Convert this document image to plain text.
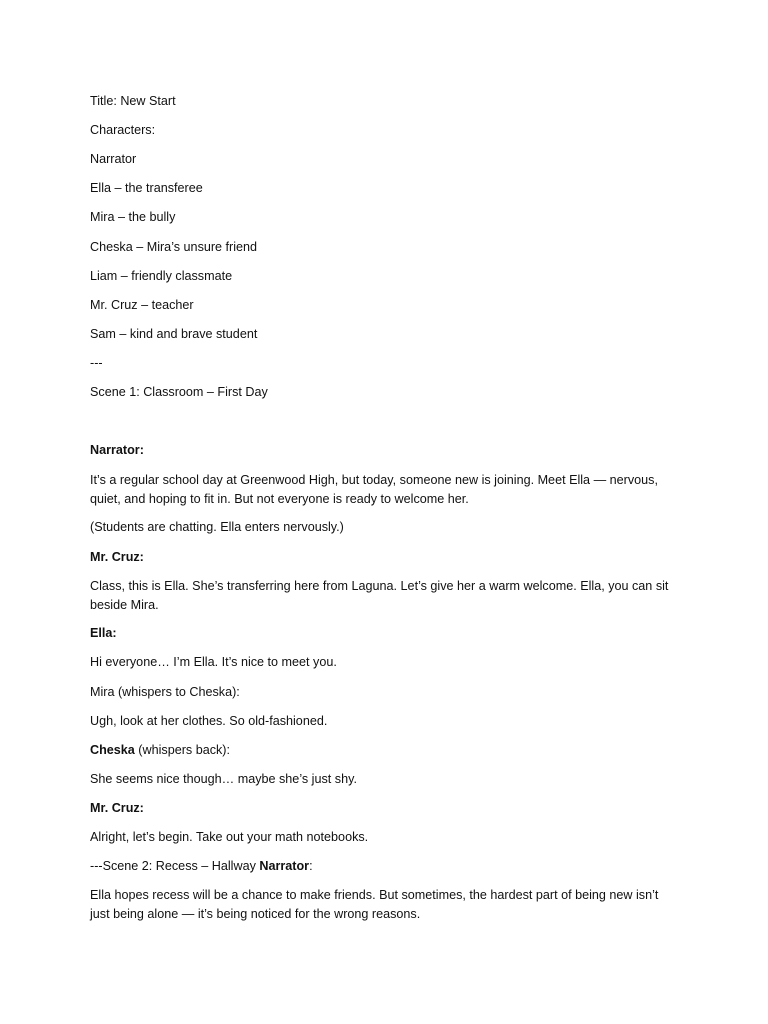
Title: New Start

Characters:

Narrator

Ella – the transferee

Mira – the bully

Cheska – Mira’s unsure friend

Liam – friendly classmate

Mr. Cruz – teacher

Sam – kind and brave student

---

Scene 1: Classroom – First Day

Narrator:

It’s a regular school day at Greenwood High, but today, someone new is joining. Meet Ella — nervous, quiet, and hoping to fit in. But not everyone is ready to welcome her.

(Students are chatting. Ella enters nervously.)

Mr. Cruz:

Class, this is Ella. She’s transferring here from Laguna. Let’s give her a warm welcome. Ella, you can sit beside Mira.

Ella:

Hi everyone… I’m Ella. It’s nice to meet you.

Mira (whispers to Cheska):

Ugh, look at her clothes. So old-fashioned.

Cheska (whispers back):

She seems nice though… maybe she’s just shy.

Mr. Cruz:

Alright, let’s begin. Take out your math notebooks.

---Scene 2: Recess – Hallway Narrator:

Ella hopes recess will be a chance to make friends. But sometimes, the hardest part of being new isn’t just being alone — it’s being noticed for the wrong reasons.
